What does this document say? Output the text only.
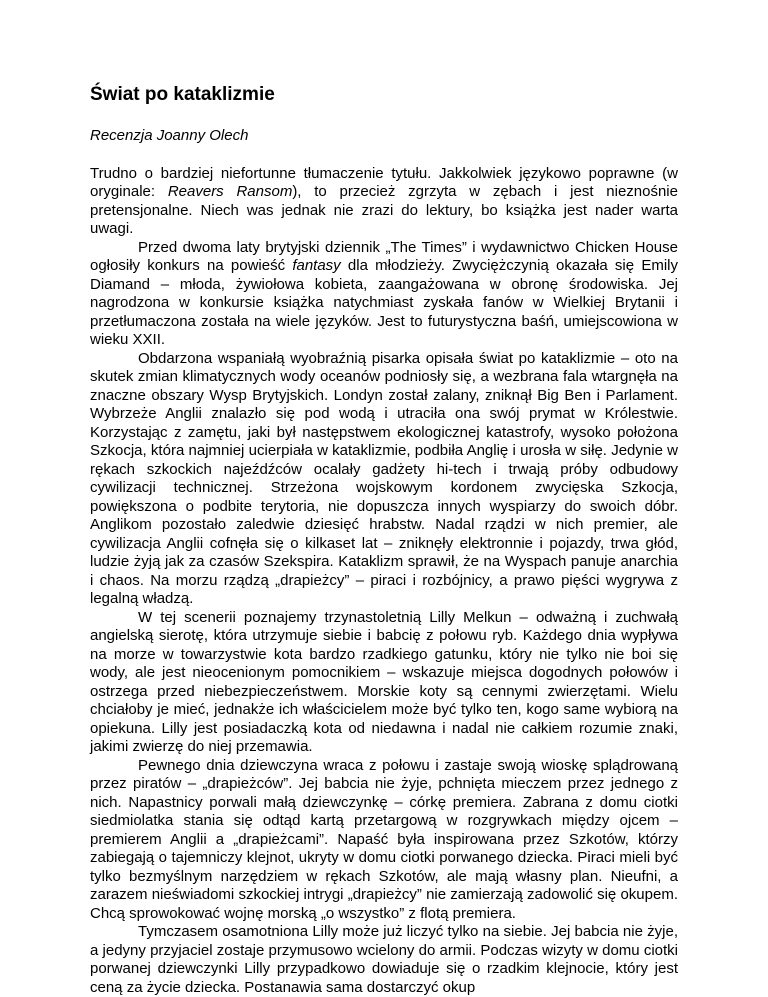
Świat po kataklizmie

Recenzja Joanny Olech

Trudno o bardziej niefortunne tłumaczenie tytułu. Jakkolwiek językowo poprawne (w oryginale: Reavers Ransom), to przecież zgrzyta w zębach i jest nieznośnie pretensjonalne. Niech was jednak nie zrazi do lektury, bo książka jest nader warta uwagi.

Przed dwoma laty brytyjski dziennik „The Times” i wydawnictwo Chicken House ogłosiły konkurs na powieść fantasy dla młodzieży. Zwyciężczynią okazała się Emily Diamand – młoda, żywiołowa kobieta, zaangażowana w obronę środowiska. Jej nagrodzona w konkursie książka natychmiast zyskała fanów w Wielkiej Brytanii i przetłumaczona została na wiele języków. Jest to futurystyczna baśń, umiejscowiona w wieku XXII.

Obdarzona wspaniałą wyobraźnią pisarka opisała świat po kataklizmie – oto na skutek zmian klimatycznych wody oceanów podniosły się, a wezbrana fala wtargnęła na znaczne obszary Wysp Brytyjskich. Londyn został zalany, zniknął Big Ben i Parlament. Wybrzeże Anglii znalazło się pod wodą i utraciła ona swój prymat w Królestwie. Korzystając z zamętu, jaki był następstwem ekologicznej katastrofy, wysoko położona Szkocja, która najmniej ucierpiała w kataklizmie, podbiła Anglię i urosła w siłę. Jedynie w rękach szkockich najeźdźców ocalały gadżety hi-tech i trwają próby odbudowy cywilizacji technicznej. Strzeżona wojskowym kordonem zwycięska Szkocja, powiększona o podbite terytoria, nie dopuszcza innych wyspiarzy do swoich dóbr. Anglikom pozostało zaledwie dziesięć hrabstw. Nadal rządzi w nich premier, ale cywilizacja Anglii cofnęła się o kilkaset lat – zniknęły elektronnie i pojazdy, trwa głód, ludzie żyją jak za czasów Szekspira. Kataklizm sprawił, że na Wyspach panuje anarchia i chaos. Na morzu rządzą „drapieżcy” – piraci i rozbójnicy, a prawo pięści wygrywa z legalną władzą.

W tej scenerii poznajemy trzynastoletnią Lilly Melkun – odważną i zuchwałą angielską sierotę, która utrzymuje siebie i babcię z połowu ryb. Każdego dnia wypływa na morze w towarzystwie kota bardzo rzadkiego gatunku, który nie tylko nie boi się wody, ale jest nieocenionym pomocnikiem – wskazuje miejsca dogodnych połowów i ostrzega przed niebezpieczeństwem. Morskie koty są cennymi zwierzętami. Wielu chciałoby je mieć, jednakże ich właścicielem może być tylko ten, kogo same wybiorą na opiekuna. Lilly jest posiadaczką kota od niedawna i nadal nie całkiem rozumie znaki, jakimi zwierzę do niej przemawia.

Pewnego dnia dziewczyna wraca z połowu i zastaje swoją wioskę splądrowaną przez piratów – „drapieżców”. Jej babcia nie żyje, pchnięta mieczem przez jednego z nich. Napastnicy porwali małą dziewczynkę – córkę premiera. Zabrana z domu ciotki siedmiolatka stania się odtąd kartą przetargową w rozgrywkach między ojcem – premierem Anglii a „drapieżcami”. Napaść była inspirowana przez Szkotów, którzy zabiegają o tajemniczy klejnot, ukryty w domu ciotki porwanego dziecka. Piraci mieli być tylko bezmyślnym narzędziem w rękach Szkotów, ale mają własny plan. Nieufni, a zarazem nieświadomi szkockiej intrygi „drapieżcy” nie zamierzają zadowolić się okupem. Chcą sprowokować wojnę morską „o wszystko” z flotą premiera.

Tymczasem osamotniona Lilly może już liczyć tylko na siebie. Jej babcia nie żyje, a jedyny przyjaciel zostaje przymusowo wcielony do armii. Podczas wizyty w domu ciotki porwanej dziewczynki Lilly przypadkowo dowiaduje się o rzadkim klejnocie, który jest ceną za życie dziecka. Postanawia sama dostarczyć okup
